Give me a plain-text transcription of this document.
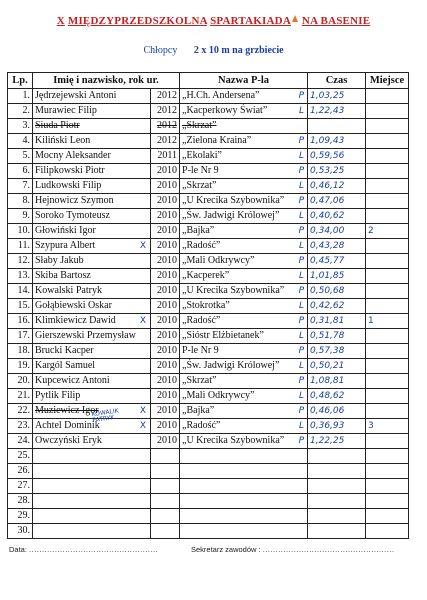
X MIĘDZYPRZEDSZKOLNA SPARTAKIADA NA BASENIE
Chłopcy 2 x 10 m na grzbiecie
Lp.	Imię i nazwisko, rok ur.		Nazwa P-la	Czas	Miejsce
1.	Jędrzejewski Antoni	2012	„H.Ch. Andersena” P	1,03,25	
2.	Murawiec Filip	2012	„Kacperkowy Świat” L	1,22,43	
3.	Siuda Piotr	2012	„Skrzat”		
4.	Kiliński Leon	2012	„Zielona Kraina” P	1,09,43	
5.	Mocny Aleksander	2011	„Ekolaki” L	0,59,56	
6.	Filipkowski Piotr	2010	P-le Nr 9 P	0,53,25	
7.	Ludkowski Filip	2010	„Skrzat” L	0,46,12	
8.	Hejnowicz Szymon	2010	„U Krecika Szybownika” P	0,47,06	
9.	Soroko Tymoteusz	2010	„Św. Jadwigi Królowej” L	0,40,62	
10.	Głowiński Igor	2010	„Bajka” P	0,34,00	2
11.	Szypura Albert X	2010	„Radość” L	0,43,28	
12.	Słaby Jakub	2010	„Mali Odkrywcy” P	0,45,77	
13.	Skiba Bartosz	2010	„Kacperek” L	1,01,85	
14.	Kowalski Patryk	2010	„U Krecika Szybownika” P	0,50,68	
15.	Gołąbiewski Oskar	2010	„Stokrotka” L	0,42,62	
16.	Klimkiewicz Dawid X	2010	„Radość” P	0,31,81	1
17.	Gierszewski Przemysław	2010	„Sióstr Elżbietanek” L	0,51,78	
18.	Brucki Kacper	2010	P-le Nr 9 P	0,57,38	
19.	Kargól Samuel	2010	„Św. Jadwigi Królowej” L	0,50,21	
20.	Kupcewicz Antoni	2010	„Skrzat” P	1,08,81	
21.	Pytlik Filip	2010	„Mali Odkrywcy” L	0,48,62	
22.	Muziewicz Igor X	2010	„Bajka” P	0,46,06	
23.	Achtel Dominik X	2010	„Radość” L	0,36,93	3
24.	Owczyński Eryk	2010	„U Krecika Szybownika” P	1,22,25	
25.					
26.					
27.					
28.					
29.					
30.					
KOWALIK PATRYK
Data: ..................................................	Sekretarz zawodów : ...................................................
